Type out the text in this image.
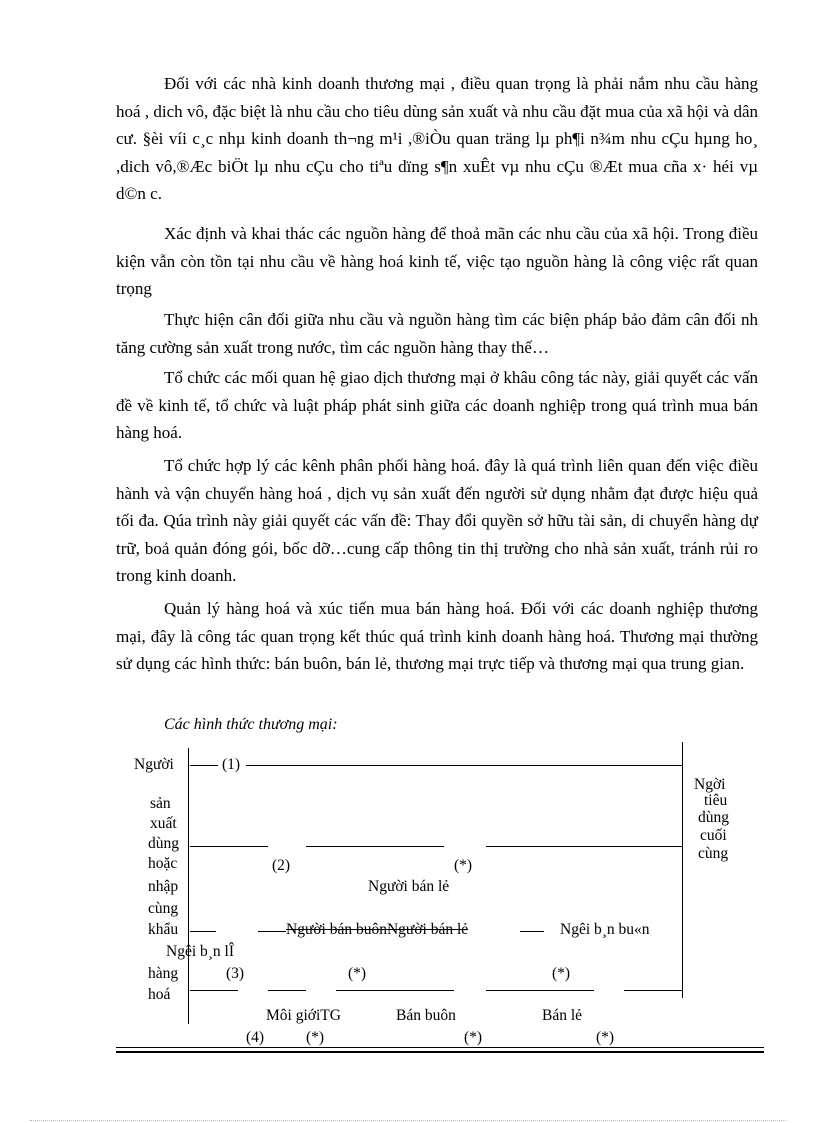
Đối với các nhà kinh doanh thương mại , điều quan trọng là phải nắm nhu cầu hàng hoá , dich vô, đặc biệt là nhu cầu cho tiêu dùng sản xuất và nhu cầu đặt mua của xã hội và dân cư. §èi víi c¸c nhµ kinh doanh th¬ng m¹i ,®iÒu quan träng lµ ph¶i n¾m nhu cÇu hµng ho¸ ,dich vô,®Æc biÖt lµ nhu cÇu cho tiªu dïng s¶n xuÊt vµ nhu cÇu ®Æt mua cña x· héi vµ d©n c.

Xác định và khai thác các nguồn hàng để thoả mãn các nhu cầu của xã hội. Trong điều kiện vẫn còn tồn tại nhu cầu về hàng hoá kinh tế, việc tạo nguồn hàng là công việc rất quan trọng

Thực hiện cân đối giữa nhu cầu và nguồn hàng tìm các biện pháp bảo đảm cân đối nh tăng cường sản xuất trong nước, tìm các nguồn hàng thay thế…

Tổ chức các mối quan hệ giao dịch thương mại ở khâu công tác này, giải quyết các vấn đề về kinh tế, tổ chức và luật pháp phát sinh giữa các doanh nghiệp trong quá trình mua bán hàng hoá.

Tổ chức hợp lý các kênh phân phối hàng hoá. đây là quá trình liên quan đến việc điều hành và vận chuyển hàng hoá , dịch vụ sản xuất đến người sử dụng nhằm đạt được hiệu quả tối đa. Qúa trình này giải quyết các vấn đề: Thay đổi quyền sở hữu tài sản, di chuyển hàng dự trữ, boả quản đóng gói, bốc dỡ…cung cấp thông tin thị trường cho nhà sản xuất, tránh rủi ro trong kinh doanh.

Quản lý hàng hoá và xúc tiến mua bán hàng hoá. Đối với các doanh nghiệp thương mại, đây là công tác quan trọng kết thúc quá trình kinh doanh hàng hoá. Thương mại thường sử dụng các hình thức: bán buôn, bán lẻ, thương mại trực tiếp và thương mại qua trung gian.

Các hình thức thương mại:

Người
sản
xuất
dùng
hoặc
nhập
cùng
khẩu
Ngêi b¸n lÎ
hàng
hoá
Ngời
tiêu
dùng
cuối
cùng
(1)
(2)	(*)
(3)	(*)	(*)
(4)	(*)	(*)	(*)
Người bán lẻ
Người bán buônNgười bán lẻ	Ngêi b¸n bu«n
Môi giớiTG	Bán buôn	Bán lẻ
